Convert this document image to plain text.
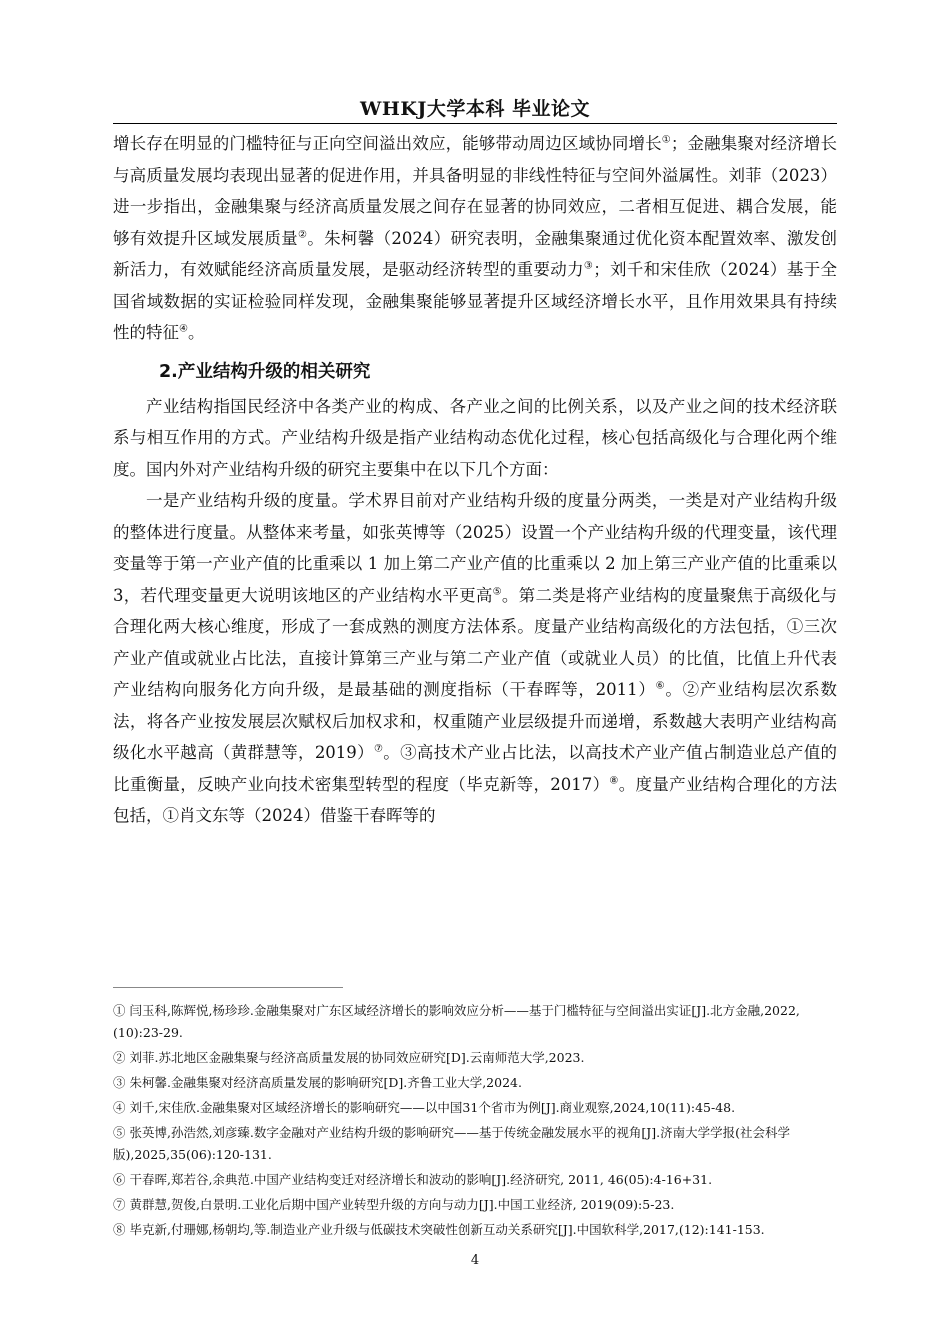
WHKJ大学本科 毕业论文

增长存在明显的门槛特征与正向空间溢出效应，能够带动周边区域协同增长①；金融集聚对经济增长与高质量发展均表现出显著的促进作用，并具备明显的非线性特征与空间外溢属性。刘菲（2023）进一步指出，金融集聚与经济高质量发展之间存在显著的协同效应，二者相互促进、耦合发展，能够有效提升区域发展质量②。朱柯馨（2024）研究表明，金融集聚通过优化资本配置效率、激发创新活力，有效赋能经济高质量发展，是驱动经济转型的重要动力③；刘千和宋佳欣（2024）基于全国省域数据的实证检验同样发现，金融集聚能够显著提升区域经济增长水平，且作用效果具有持续性的特征④。

2.产业结构升级的相关研究

产业结构指国民经济中各类产业的构成、各产业之间的比例关系，以及产业之间的技术经济联系与相互作用的方式。产业结构升级是指产业结构动态优化过程，核心包括高级化与合理化两个维度。国内外对产业结构升级的研究主要集中在以下几个方面：

一是产业结构升级的度量。学术界目前对产业结构升级的度量分两类，一类是对产业结构升级的整体进行度量。从整体来考量，如张英博等（2025）设置一个产业结构升级的代理变量，该代理变量等于第一产业产值的比重乘以 1 加上第二产业产值的比重乘以 2 加上第三产业产值的比重乘以 3，若代理变量更大说明该地区的产业结构水平更高⑤。第二类是将产业结构的度量聚焦于高级化与合理化两大核心维度，形成了一套成熟的测度方法体系。度量产业结构高级化的方法包括，①三次产业产值或就业占比法，直接计算第三产业与第二产业产值（或就业人员）的比值，比值上升代表产业结构向服务化方向升级，是最基础的测度指标（干春晖等，2011）⑥。②产业结构层次系数法，将各产业按发展层次赋权后加权求和，权重随产业层级提升而递增，系数越大表明产业结构高级化水平越高（黄群慧等，2019）⑦。③高技术产业占比法，以高技术产业产值占制造业总产值的比重衡量，反映产业向技术密集型转型的程度（毕克新等，2017）⑧。度量产业结构合理化的方法包括，①肖文东等（2024）借鉴干春晖等的

① 闫玉科,陈辉悦,杨珍珍.金融集聚对广东区域经济增长的影响效应分析——基于门槛特征与空间溢出实证[J].北方金融,2022,(10):23-29.

② 刘菲.苏北地区金融集聚与经济高质量发展的协同效应研究[D].云南师范大学,2023.

③ 朱柯馨.金融集聚对经济高质量发展的影响研究[D].齐鲁工业大学,2024.

④ 刘千,宋佳欣.金融集聚对区域经济增长的影响研究——以中国31个省市为例[J].商业观察,2024,10(11):45-48.

⑤ 张英博,孙浩然,刘彦臻.数字金融对产业结构升级的影响研究——基于传统金融发展水平的视角[J].济南大学学报(社会科学版),2025,35(06):120-131.

⑥ 干春晖,郑若谷,余典范.中国产业结构变迁对经济增长和波动的影响[J].经济研究, 2011, 46(05):4-16+31.

⑦ 黄群慧,贺俊,白景明.工业化后期中国产业转型升级的方向与动力[J].中国工业经济, 2019(09):5-23.

⑧ 毕克新,付珊娜,杨朝均,等.制造业产业升级与低碳技术突破性创新互动关系研究[J].中国软科学,2017,(12):141-153.

4
